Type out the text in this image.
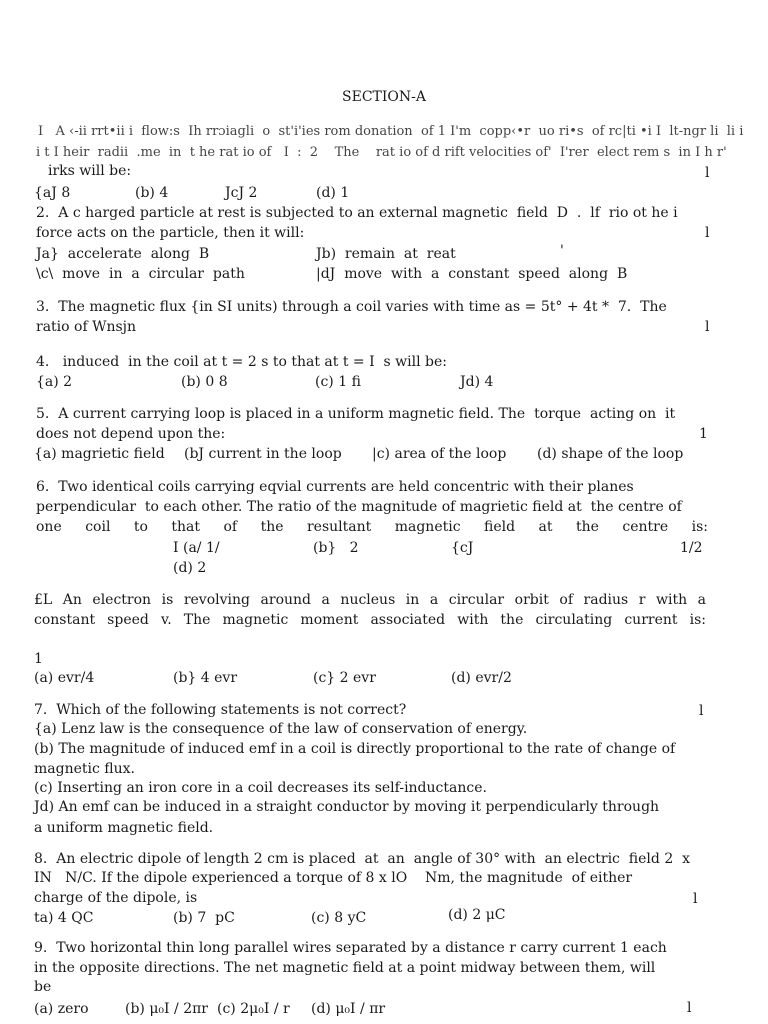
SECTION-A
I   A ‹-ii rrt•ii i  flow:s  Ih rrɔiagli  o  st'i'ies rom donation  of 1 I'm  copp‹•r  uo ri•s  of rc|ti •i I  lt-ngr li  li i
i t I heir  radii  .me  in  t he rat io of   I  :  2    The    rat io of d rift velocities of'  I'rer  elect rem s  in I h r'
irks will be:	l
{aJ 8	(b) 4	JcJ 2	(d) 1
2.  A c harged particle at rest is subjected to an external magnetic  field  D  .  lf  rio ot he i
force acts on the particle, then it will:	l
Ja}  accelerate  along  B	Jb)  remain  at  reat	'
\c\  move  in  a  circular  path	|dJ  move  with  a  constant  speed  along  B
3.  The magnetic flux {in SI units) through a coil varies with time as = 5t° + 4t *  7.  The
ratio of Wnsjn	l
4.   induced  in the coil at t = 2 s to that at t = I  s will be:
{a) 2	(b) 0 8	(c) 1 fi	Jd) 4
5.  A current carrying loop is placed in a uniform magnetic field. The  torque  acting on  it
does not depend upon the:	1
{a) magrietic field (bJ current in the loop |c) area of the loop (d) shape of the loop
6.  Two identical coils carrying eqvial currents are held concentric with their planes
perpendicular  to each other. The ratio of the magnitude of magrietic field at  the centre of
one coil to that of the resultant magnetic field at the centre is:
I (a/ 1/	(b}   2	{cJ	1/2
(d) 2
£L An electron is revolving around a nucleus in a circular orbit of radius r with a
constant speed v. The magnetic moment associated with the circulating current is:
1
(a) evr/4	(b} 4 evr	(c} 2 evr	(d) evr/2
7.  Which of the following statements is not correct?	l
{a) Lenz law is the consequence of the law of conservation of energy.
(b) The magnitude of induced emf in a coil is directly proportional to the rate of change of
magnetic flux.
(c) Inserting an iron core in a coil decreases its self-inductance.
Jd) An emf can be induced in a straight conductor by moving it perpendicularly through
a uniform magnetic field.
8.  An electric dipole of length 2 cm is placed  at  an  angle of 30° with  an electric  field 2  x
IN   N/C. If the dipole experienced a torque of 8 x lO    Nm, the magnitude  of either
charge of the dipole, is	l
ta) 4 QC	(b) 7  pC	(c) 8 yC	(d) 2 μC
9.  Two horizontal thin long parallel wires separated by a distance r carry current 1 each
in the opposite directions. The net magnetic field at a point midway between them, will
be
l
(a) zero	(b) μ₀I / 2πr (c) 2μ₀I / r (d) μ₀I / πr
